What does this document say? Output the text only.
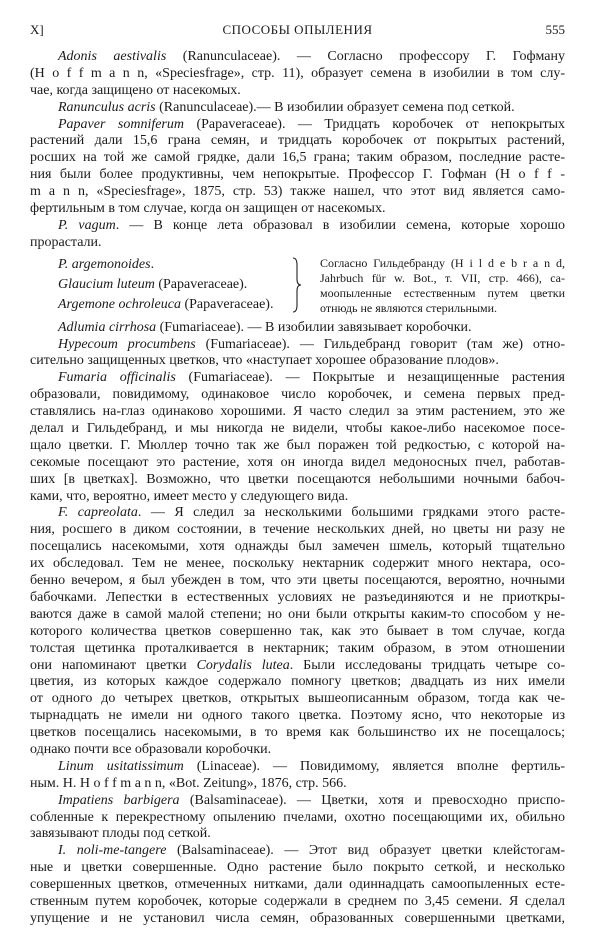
X]	СПОСОБЫ ОПЫЛЕНИЯ	555
Adonis aestivalis (Ranunculaceae). — Согласно профессору Г. Гофману
(H o f f m a n n, «Speciesfrage», стр. 11), образует семена в изобилии в том слу-
чае, когда защищено от насекомых.
Ranunculus acris (Ranunculaceae).— В изобилии образует семена под сеткой.
Papaver somniferum (Papaveraceae). — Тридцать коробочек от непокрытых
растений дали 15,6 грана семян, и тридцать коробочек от покрытых растений,
росших на той же самой грядке, дали 16,5 грана; таким образом, последние расте-
ния были более продуктивны, чем непокрытые. Профессор Г. Гофман (H o f f -
m a n n, «Speciesfrage», 1875, стр. 53) также нашел, что этот вид является само-
фертильным в том случае, когда он защищен от насекомых.
P. vagum. — В конце лета образовал в изобилии семена, которые хорошо
прорастали.
P. argemonoides.
Glaucium luteum (Papaveraceae).
Argemone ochroleuca (Papaveraceae).
Согласно Гильдебранду (H i l d e b r a n d,
Jahrbuch für w. Bot., т. VII, стр. 466), са-
моопыленные естественным путем цветки
отнюдь не являются стерильными.
Adlumia cirrhosa (Fumariaceae). — В изобилии завязывает коробочки.
Hypecoum procumbens (Fumariaceae). — Гильдебранд говорит (там же) отно-
сительно защищенных цветков, что «наступает хорошее образование плодов».
Fumaria officinalis (Fumariaceae). — Покрытые и незащищенные растения
образовали, повидимому, одинаковое число коробочек, и семена первых пред-
ставлялись на-глаз одинаково хорошими. Я часто следил за этим растением, это же
делал и Гильдебранд, и мы никогда не видели, чтобы какое-либо насекомое посе-
щало цветки. Г. Мюллер точно так же был поражен той редкостью, с которой на-
секомые посещают это растение, хотя он иногда видел медоносных пчел, работав-
ших [в цветках]. Возможно, что цветки посещаются небольшими ночными бабоч-
ками, что, вероятно, имеет место у следующего вида.
F. capreolata. — Я следил за несколькими большими грядками этого расте-
ния, росшего в диком состоянии, в течение нескольких дней, но цветы ни разу не
посещались насекомыми, хотя однажды был замечен шмель, который тщательно
их обследовал. Тем не менее, поскольку нектарник содержит много нектара, осо-
бенно вечером, я был убежден в том, что эти цветы посещаются, вероятно, ночными
бабочками. Лепестки в естественных условиях не разъединяются и не приоткры-
ваются даже в самой малой степени; но они были открыты каким-то способом у не-
которого количества цветков совершенно так, как это бывает в том случае, когда
толстая щетинка проталкивается в нектарник; таким образом, в этом отношении
они напоминают цветки Corydalis lutea. Были исследованы тридцать четыре со-
цветия, из которых каждое содержало помногу цветков; двадцать из них имели
от одного до четырех цветков, открытых вышеописанным образом, тогда как че-
тырнадцать не имели ни одного такого цветка. Поэтому ясно, что некоторые из
цветков посещались насекомыми, в то время как большинство их не посещалось;
однако почти все образовали коробочки.
Linum usitatissimum (Linaceae). — Повидимому, является вполне фертиль-
ным. H. H o f f m a n n, «Bot. Zeitung», 1876, стр. 566.
Impatiens barbigera (Balsaminaceae). — Цветки, хотя и превосходно приспо-
собленные к перекрестному опылению пчелами, охотно посещающими их, обильно
завязывают плоды под сеткой.
I. noli-me-tangere (Balsaminaceae). — Этот вид образует цветки клейстогам-
ные и цветки совершенные. Одно растение было покрыто сеткой, и несколько
совершенных цветков, отмеченных нитками, дали одиннадцать самоопыленных есте-
ственным путем коробочек, которые содержали в среднем по 3,45 семени. Я сделал
упущение и не установил числа семян, образованных совершенными цветками,
